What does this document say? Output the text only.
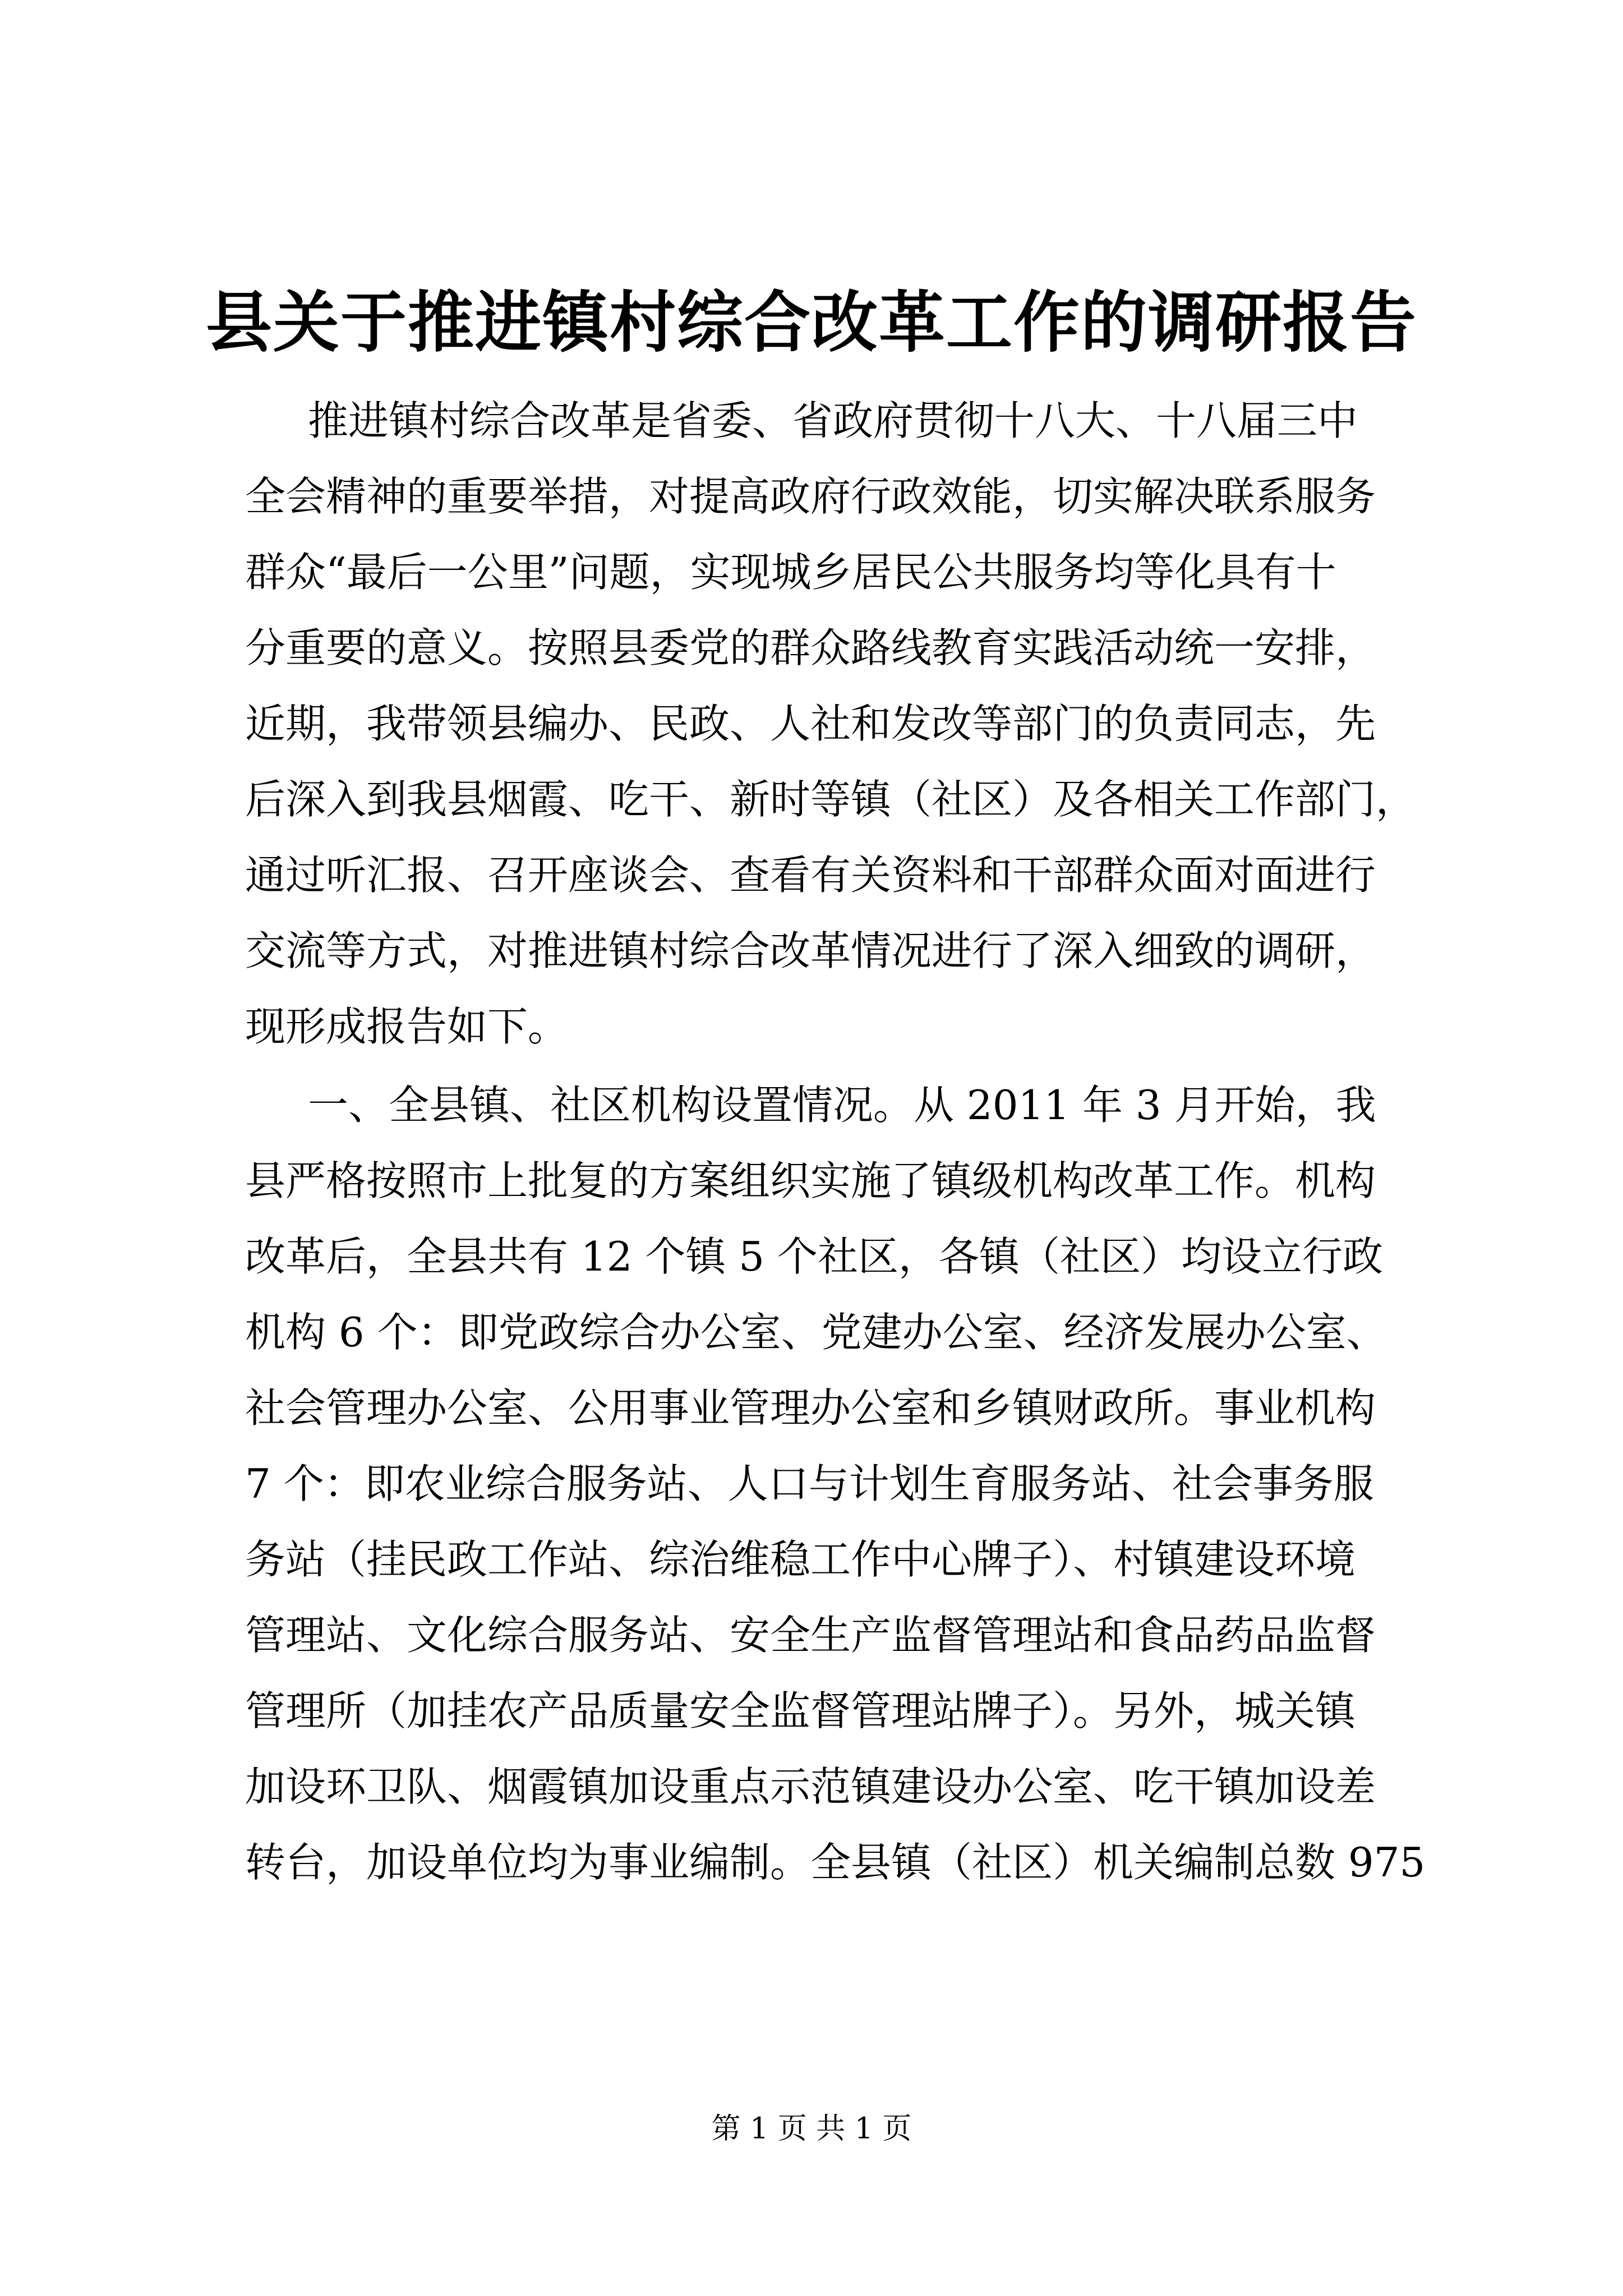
县关于推进镇村综合改革工作的调研报告
推进镇村综合改革是省委、省政府贯彻十八大、十八届三中
全会精神的重要举措，对提高政府行政效能，切实解决联系服务
群众“最后一公里”问题，实现城乡居民公共服务均等化具有十
分重要的意义。按照县委党的群众路线教育实践活动统一安排，
近期，我带领县编办、民政、人社和发改等部门的负责同志，先
后深入到我县烟霞、吃干、新时等镇（社区）及各相关工作部门，
通过听汇报、召开座谈会、查看有关资料和干部群众面对面进行
交流等方式，对推进镇村综合改革情况进行了深入细致的调研，
现形成报告如下。
一、全县镇、社区机构设置情况。从 2011 年 3 月开始，我
县严格按照市上批复的方案组织实施了镇级机构改革工作。机构
改革后，全县共有 12 个镇 5 个社区，各镇（社区）均设立行政
机构 6 个：即党政综合办公室、党建办公室、经济发展办公室、
社会管理办公室、公用事业管理办公室和乡镇财政所。事业机构
7 个：即农业综合服务站、人口与计划生育服务站、社会事务服
务站（挂民政工作站、综治维稳工作中心牌子）、村镇建设环境
管理站、文化综合服务站、安全生产监督管理站和食品药品监督
管理所（加挂农产品质量安全监督管理站牌子）。另外，城关镇
加设环卫队、烟霞镇加设重点示范镇建设办公室、吃干镇加设差
转台，加设单位均为事业编制。全县镇（社区）机关编制总数 975
第 1 页 共 1 页
